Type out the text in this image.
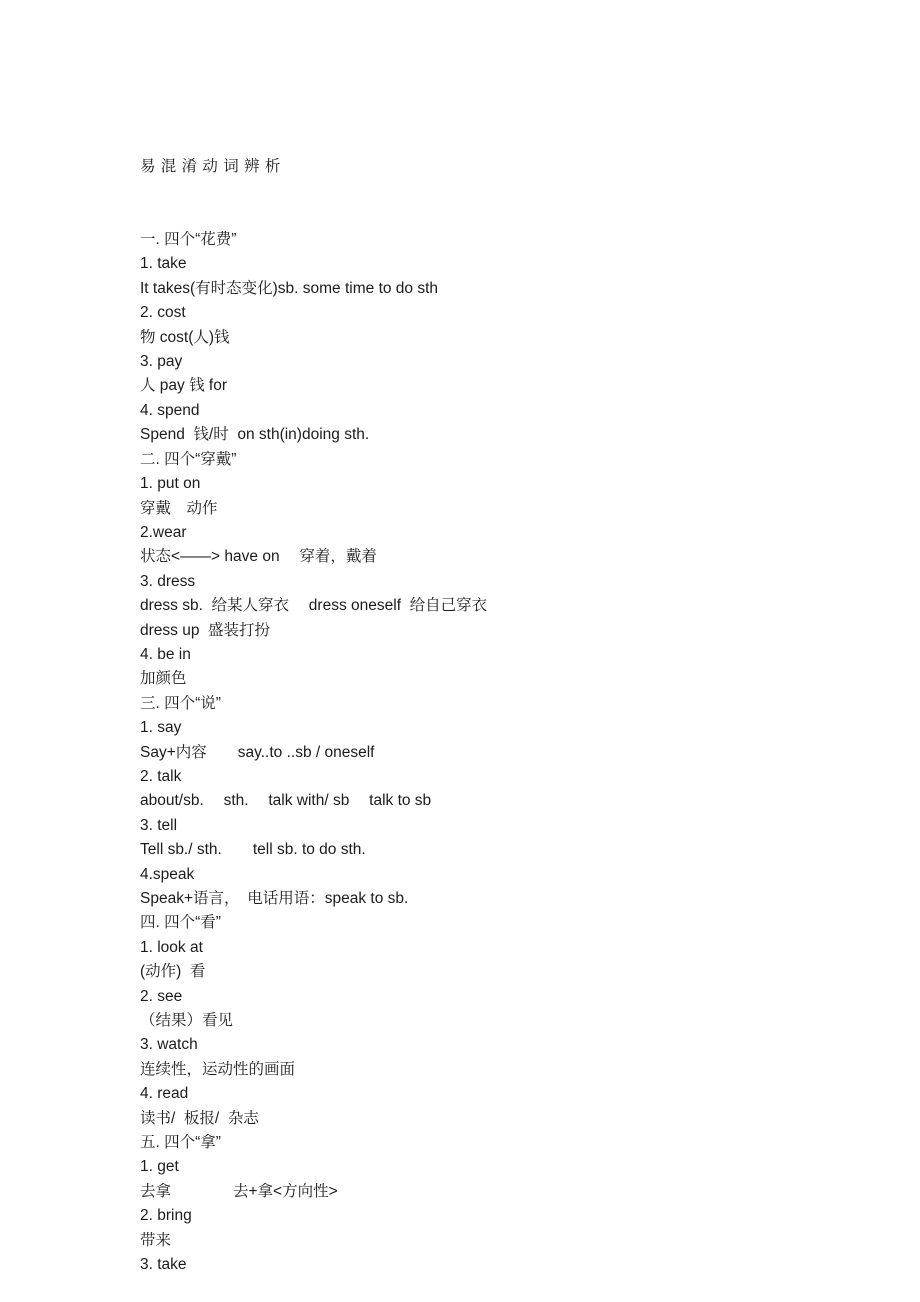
易 混 淆 动 词 辨 析

一. 四个“花费”
1. take
It takes(有时态变化)sb. some time to do sth
2. cost
物 cost(人)钱
3. pay
人 pay 钱 for
4. spend
Spend  钱/时  on sth(in)doing sth.
二. 四个“穿戴”
1. put on
穿戴　动作
2.wear
状态<——> have on　 穿着，戴着
3. dress
dress sb.  给某人穿衣　 dress oneself  给自己穿衣
dress up  盛装打扮
4. be in
加颜色
三. 四个“说”
1. say
Say+内容　　say..to ..sb / oneself
2. talk
about/sb.　 sth.　 talk with/ sb　 talk to sb
3. tell
Tell sb./ sth.　　tell sb. to do sth.
4.speak
Speak+语言，　电话用语：speak to sb.
四. 四个“看”
1. look at
(动作)  看
2. see
（结果）看见
3. watch
连续性，运动性的画面
4. read
读书/  板报/  杂志
五. 四个“拿”
1. get
去拿　　　　去+拿<方向性>
2. bring
带来
3. take
